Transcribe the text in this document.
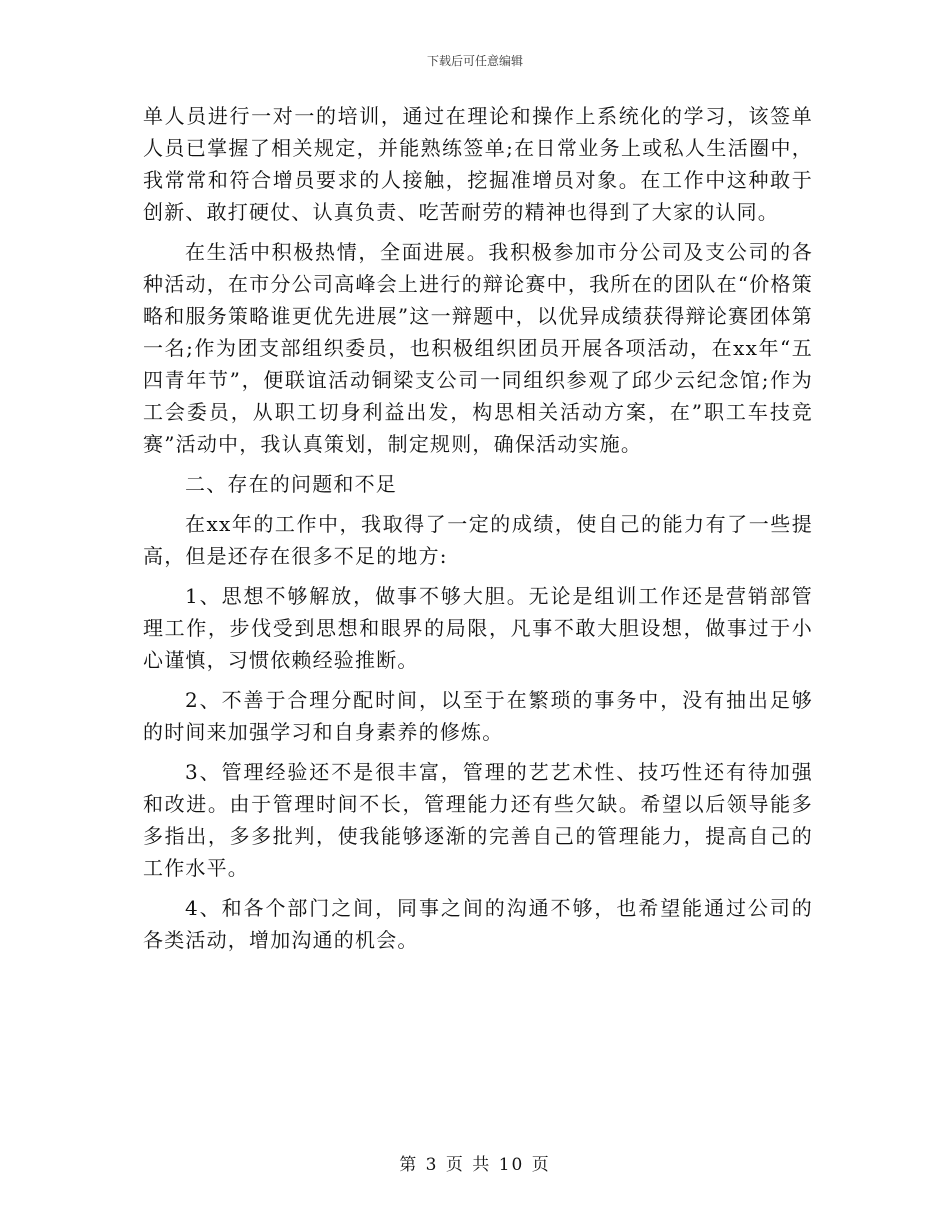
下载后可任意编辑

单人员进行一对一的培训，通过在理论和操作上系统化的学习，该签单人员已掌握了相关规定，并能熟练签单;在日常业务上或私人生活圈中，我常常和符合增员要求的人接触，挖掘准增员对象。在工作中这种敢于创新、敢打硬仗、认真负责、吃苦耐劳的精神也得到了大家的认同。

在生活中积极热情，全面进展。我积极参加市分公司及支公司的各种活动，在市分公司高峰会上进行的辩论赛中，我所在的团队在“价格策略和服务策略谁更优先进展”这一辩题中，以优异成绩获得辩论赛团体第一名;作为团支部组织委员，也积极组织团员开展各项活动，在xx年“五四青年节”，便联谊活动铜梁支公司一同组织参观了邱少云纪念馆;作为工会委员，从职工切身利益出发，构思相关活动方案，在”职工车技竞赛”活动中，我认真策划，制定规则，确保活动实施。

二、存在的问题和不足

在xx年的工作中，我取得了一定的成绩，使自己的能力有了一些提高，但是还存在很多不足的地方:

1、思想不够解放，做事不够大胆。无论是组训工作还是营销部管理工作，步伐受到思想和眼界的局限，凡事不敢大胆设想，做事过于小心谨慎，习惯依赖经验推断。

2、不善于合理分配时间，以至于在繁琐的事务中，没有抽出足够的时间来加强学习和自身素养的修炼。

3、管理经验还不是很丰富，管理的艺艺术性、技巧性还有待加强和改进。由于管理时间不长，管理能力还有些欠缺。希望以后领导能多多指出，多多批判，使我能够逐渐的完善自己的管理能力，提高自己的工作水平。

4、和各个部门之间，同事之间的沟通不够，也希望能通过公司的各类活动，增加沟通的机会。

第 3 页 共 10 页
